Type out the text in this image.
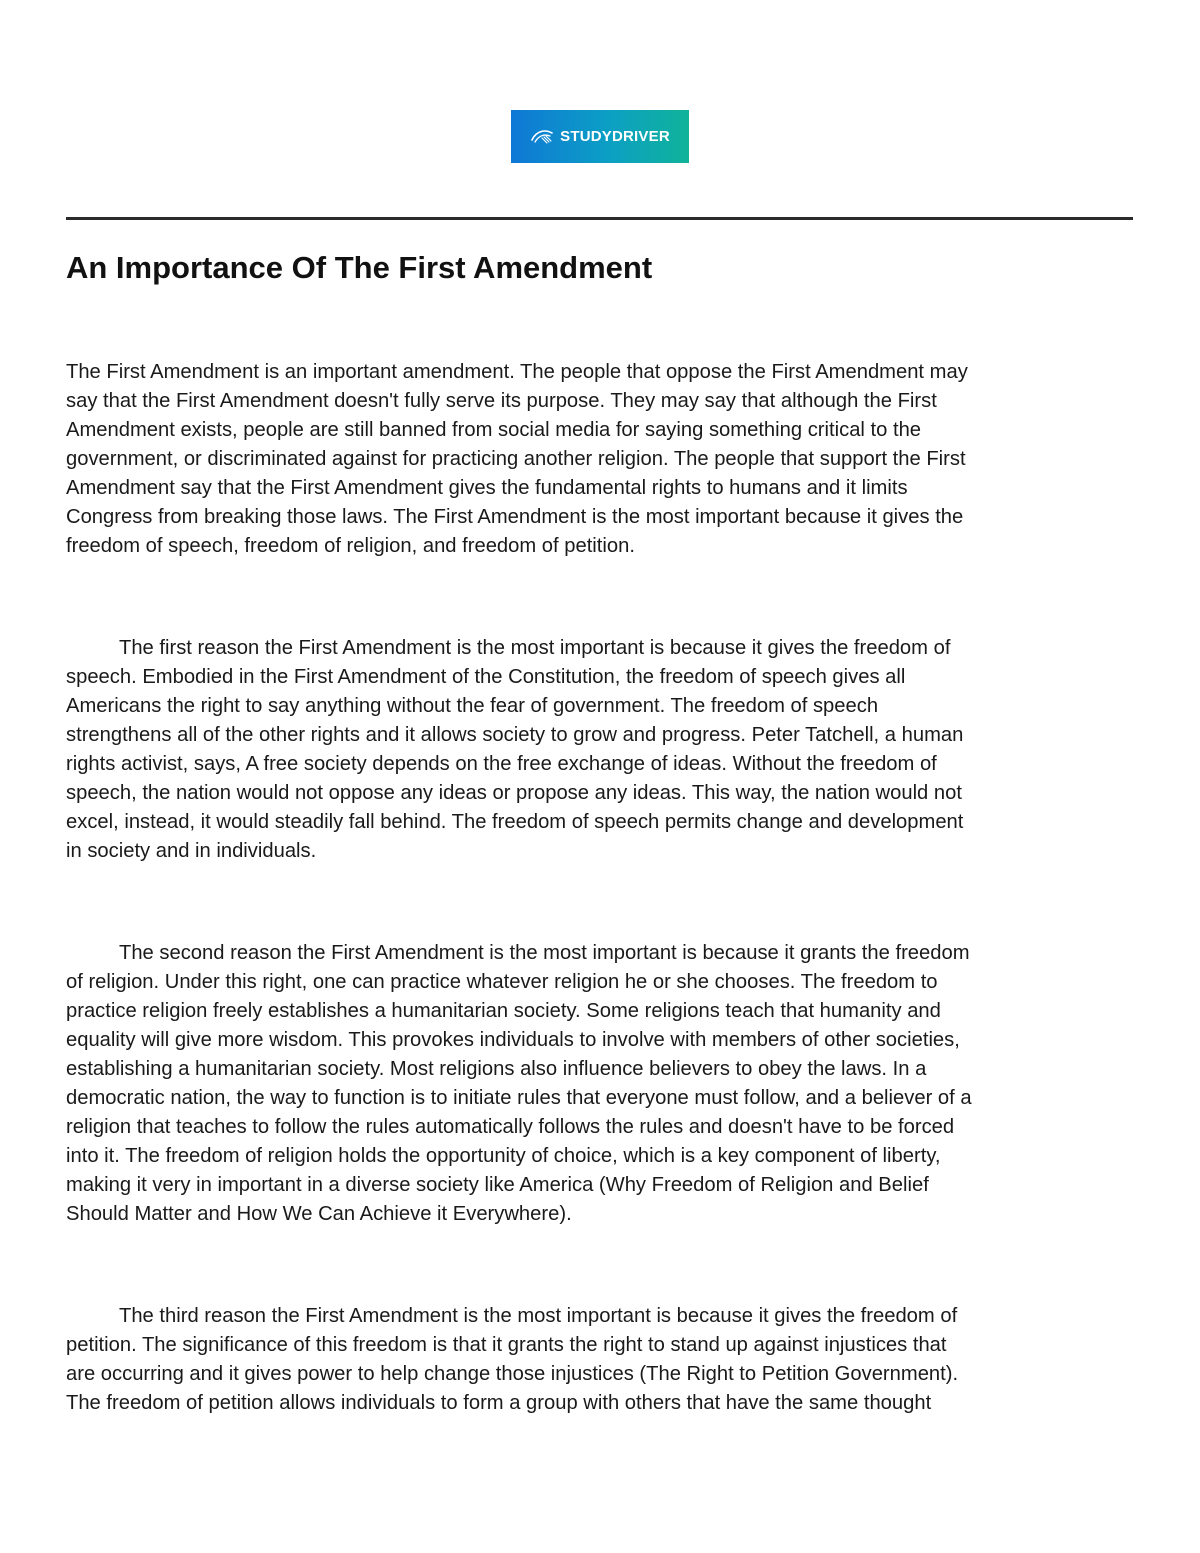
STUDYDRIVER
An Importance Of The First Amendment

The First Amendment is an important amendment. The people that oppose the First Amendment may
say that the First Amendment doesn't fully serve its purpose. They may say that although the First
Amendment exists, people are still banned from social media for saying something critical to the
government, or discriminated against for practicing another religion. The people that support the First
Amendment say that the First Amendment gives the fundamental rights to humans and it limits
Congress from breaking those laws. The First Amendment is the most important because it gives the
freedom of speech, freedom of religion, and freedom of petition.

The first reason the First Amendment is the most important is because it gives the freedom of
speech. Embodied in the First Amendment of the Constitution, the freedom of speech gives all
Americans the right to say anything without the fear of government. The freedom of speech
strengthens all of the other rights and it allows society to grow and progress. Peter Tatchell, a human
rights activist, says, A free society depends on the free exchange of ideas. Without the freedom of
speech, the nation would not oppose any ideas or propose any ideas. This way, the nation would not
excel, instead, it would steadily fall behind. The freedom of speech permits change and development
in society and in individuals.

The second reason the First Amendment is the most important is because it grants the freedom
of religion. Under this right, one can practice whatever religion he or she chooses. The freedom to
practice religion freely establishes a humanitarian society. Some religions teach that humanity and
equality will give more wisdom. This provokes individuals to involve with members of other societies,
establishing a humanitarian society. Most religions also influence believers to obey the laws. In a
democratic nation, the way to function is to initiate rules that everyone must follow, and a believer of a
religion that teaches to follow the rules automatically follows the rules and doesn't have to be forced
into it. The freedom of religion holds the opportunity of choice, which is a key component of liberty,
making it very in important in a diverse society like America (Why Freedom of Religion and Belief
Should Matter and How We Can Achieve it Everywhere).

The third reason the First Amendment is the most important is because it gives the freedom of
petition. The significance of this freedom is that it grants the right to stand up against injustices that
are occurring and it gives power to help change those injustices (The Right to Petition Government).
The freedom of petition allows individuals to form a group with others that have the same thought
